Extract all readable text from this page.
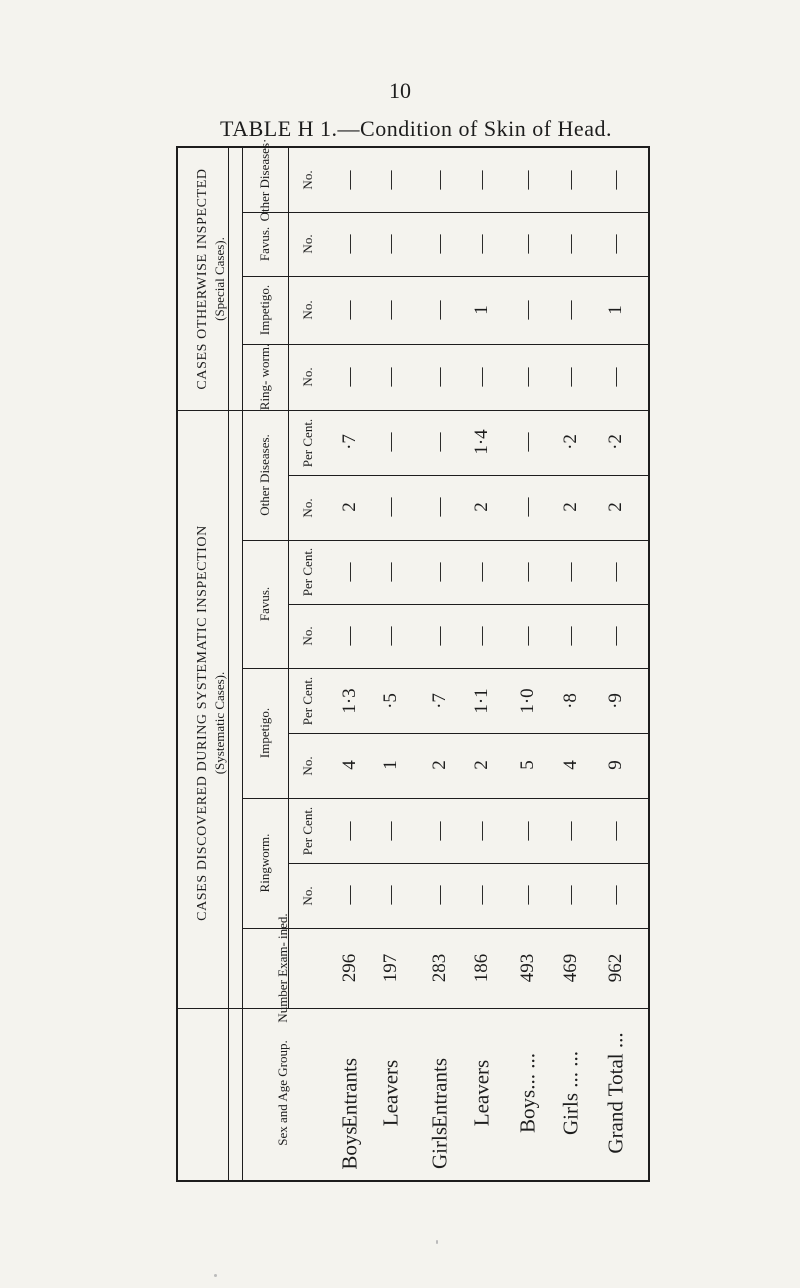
10
TABLE H 1.—Condition of Skin of Head.
CASES OTHERWISE INSPECTED (Special Cases).
CASES DISCOVERED DURING SYSTEMATIC INSPECTION (Systematic Cases).
Other Diseases·
Favus.
Impetigo.
Ring- worm.
No.
No.
No.
No.
Other Diseases.
Favus.
Impetigo.
Ringworm.
Per Cent.
No.
Per Cent.
No.
Per Cent.
No.
Per Cent.
No.
Number Exam- ined.
Sex and Age Group.
—
—
—
—
·7
2
—
—
1·3
4
—
—
296
Entrants
Boys
—
—
—
—
—
—
—
—
·5
1
—
—
197
Leavers
—
—
—
—
—
—
—
—
·7
2
—
—
283
Entrants
Girls
—
—
1
—
1·4
2
—
—
1·1
2
—
—
186
Leavers
—
—
—
—
—
—
—
—
1·0
5
—
—
493
Boys... ...
—
—
—
—
·2
2
—
—
·8
4
—
—
469
Girls ... ...
—
—
1
—
·2
2
—
—
·9
9
—
—
962
Grand Total ...
